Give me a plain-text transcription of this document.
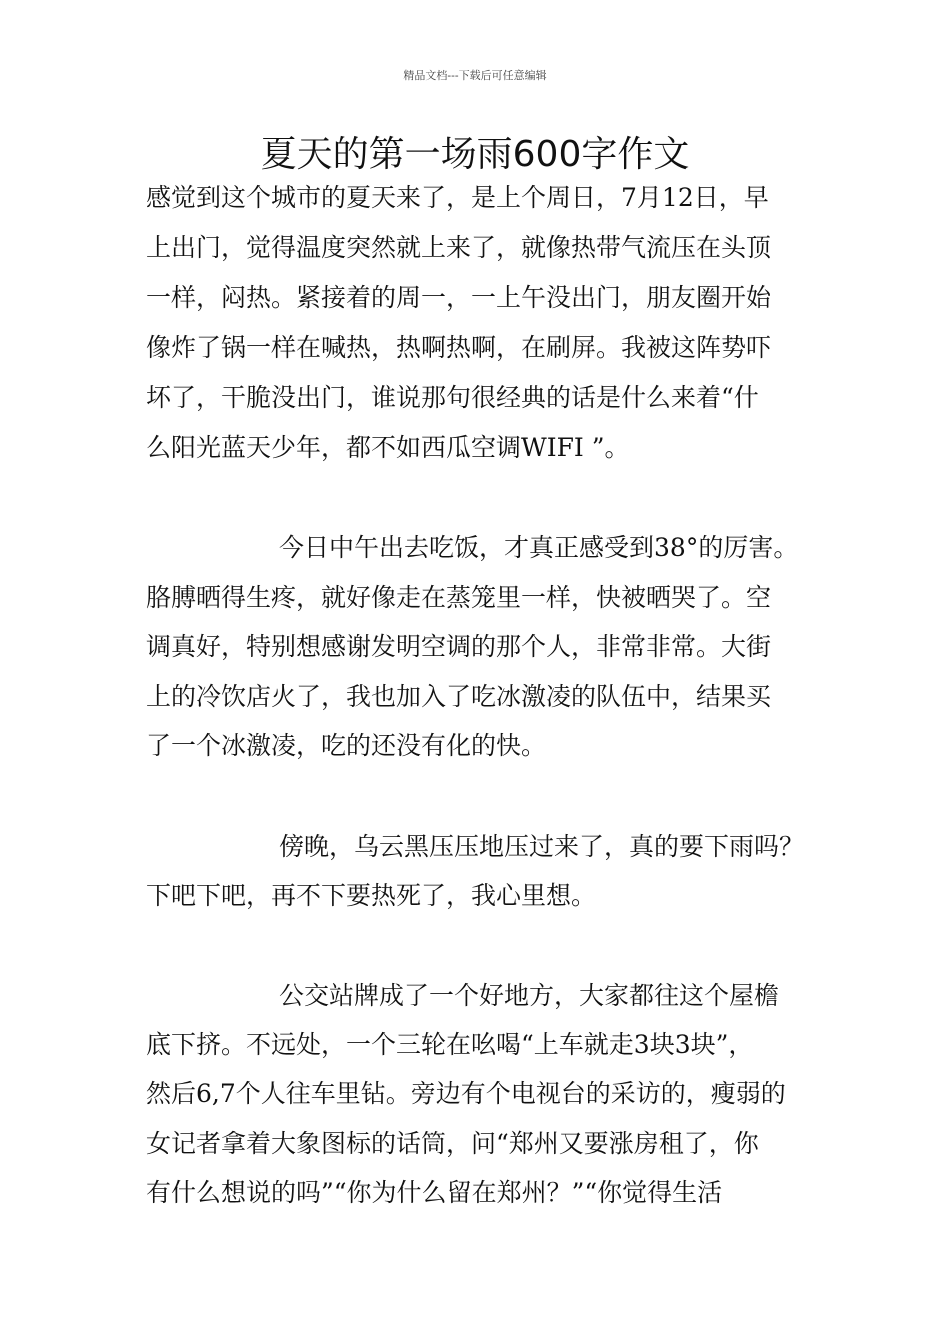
精品文档---下载后可任意编辑
夏天的第一场雨600字作文
感觉到这个城市的夏天来了，是上个周日，7月12日，早
上出门，觉得温度突然就上来了，就像热带气流压在头顶
一样，闷热。紧接着的周一，一上午没出门，朋友圈开始
像炸了锅一样在喊热，热啊热啊，在刷屏。我被这阵势吓
坏了，干脆没出门，谁说那句很经典的话是什么来着“什
么阳光蓝天少年，都不如西瓜空调WIFI ”。
今日中午出去吃饭，才真正感受到38°的厉害。
胳膊晒得生疼，就好像走在蒸笼里一样，快被晒哭了。空
调真好，特别想感谢发明空调的那个人，非常非常。大街
上的冷饮店火了，我也加入了吃冰激凌的队伍中，结果买
了一个冰激凌，吃的还没有化的快。
傍晚，乌云黑压压地压过来了，真的要下雨吗？
下吧下吧，再不下要热死了，我心里想。
公交站牌成了一个好地方，大家都往这个屋檐
底下挤。不远处，一个三轮在吆喝“上车就走3块3块”，
然后6,7个人往车里钻。旁边有个电视台的采访的，瘦弱的
女记者拿着大象图标的话筒，问“郑州又要涨房租了，你
有什么想说的吗”“你为什么留在郑州？”“你觉得生活
